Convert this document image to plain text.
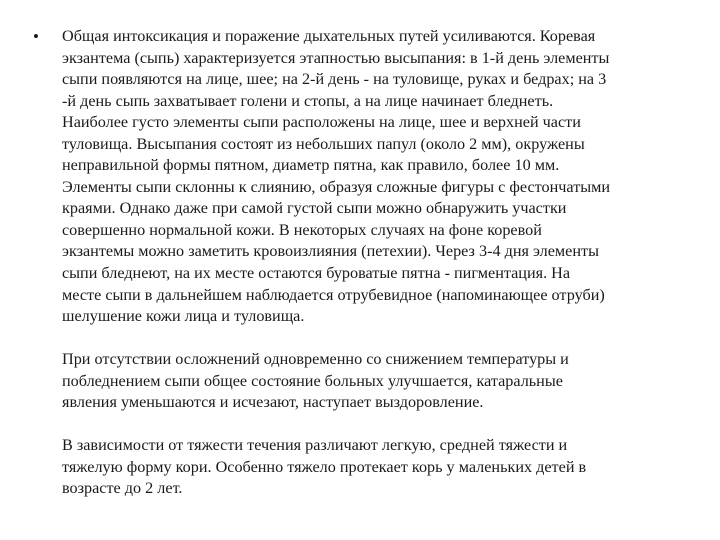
• Общая интоксикация и поражение дыхательных путей усиливаются. Коревая
экзантема (сыпь) характеризуется этапностью высыпания: в 1-й день элементы
сыпи появляются на лице, шее; на 2-й день - на туловище, руках и бедрах; на 3
-й день сыпь захватывает голени и стопы, а на лице начинает бледнеть.
Наиболее густо элементы сыпи расположены на лице, шее и верхней части
туловища. Высыпания состоят из небольших папул (около 2 мм), окружены
неправильной формы пятном, диаметр пятна, как правило, более 10 мм.
Элементы сыпи склонны к слиянию, образуя сложные фигуры с фестончатыми
краями. Однако даже при самой густой сыпи можно обнаружить участки
совершенно нормальной кожи. В некоторых случаях на фоне коревой
экзантемы можно заметить кровоизлияния (петехии). Через 3-4 дня элементы
сыпи бледнеют, на их месте остаются буроватые пятна - пигментация. На
месте сыпи в дальнейшем наблюдается отрубевидное (напоминающее отруби)
шелушение кожи лица и туловища.

При отсутствии осложнений одновременно со снижением температуры и
побледнением сыпи общее состояние больных улучшается, катаральные
явления уменьшаются и исчезают, наступает выздоровление.

В зависимости от тяжести течения различают легкую, средней тяжести и
тяжелую форму кори. Особенно тяжело протекает корь у маленьких детей в
возрасте до 2 лет.
